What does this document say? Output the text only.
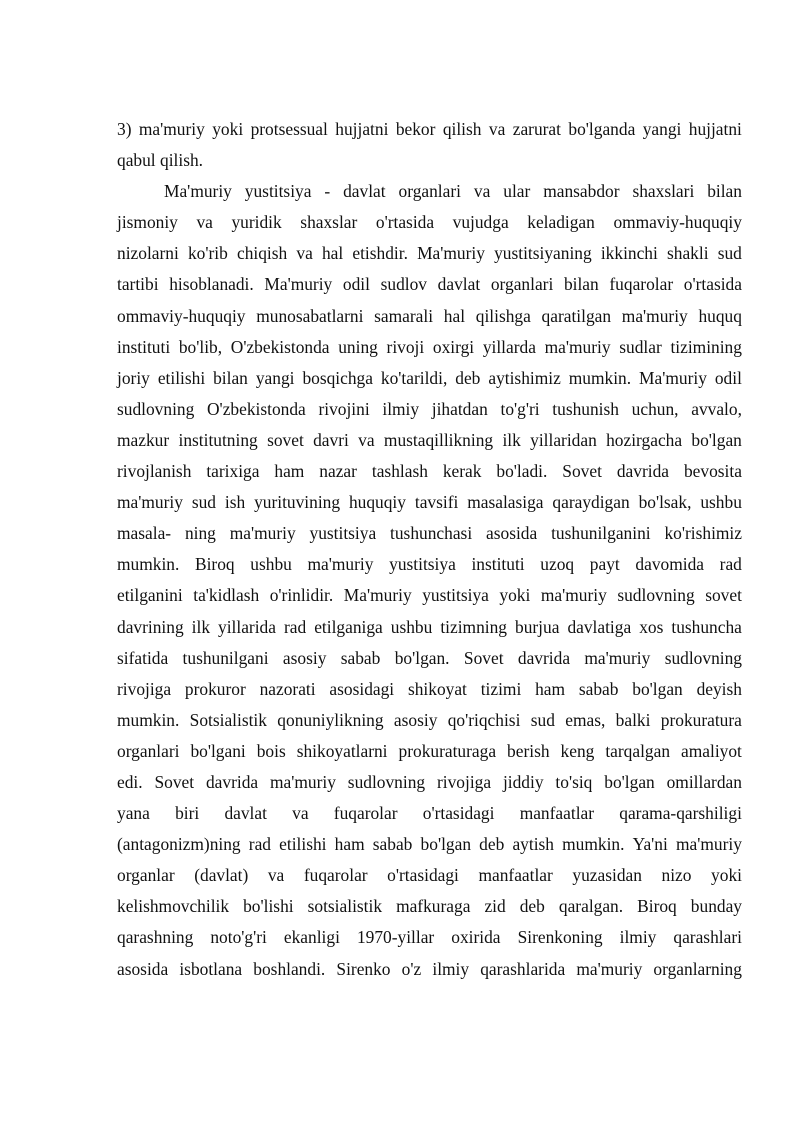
3) ma'muriy yoki protsessual hujjatni bekor qilish va zarurat bo'lganda yangi hujjatni
qabul qilish.
Ma'muriy yustitsiya - davlat organlari va ular mansabdor shaxslari bilan
jismoniy va yuridik shaxslar o'rtasida vujudga keladigan ommaviy-huquqiy
nizolarni ko'rib chiqish va hal etishdir. Ma'muriy yustitsiyaning ikkinchi shakli sud
tartibi hisoblanadi. Ma'muriy odil sudlov davlat organlari bilan fuqarolar o'rtasida
ommaviy-huquqiy munosabatlarni samarali hal qilishga qaratilgan ma'muriy huquq
instituti bo'lib, O'zbekistonda uning rivoji oxirgi yillarda ma'muriy sudlar tizimining
joriy etilishi bilan yangi bosqichga ko'tarildi, deb aytishimiz mumkin. Ma'muriy odil
sudlovning O'zbekistonda rivojini ilmiy jihatdan to'g'ri tushunish uchun, avvalo,
mazkur institutning sovet davri va mustaqillikning ilk yillaridan hozirgacha bo'lgan
rivojlanish tarixiga ham nazar tashlash kerak bo'ladi. Sovet davrida bevosita
ma'muriy sud ish yurituvining huquqiy tavsifi masalasiga qaraydigan bo'lsak, ushbu
masala- ning ma'muriy yustitsiya tushunchasi asosida tushunilganini ko'rishimiz
mumkin. Biroq ushbu ma'muriy yustitsiya instituti uzoq payt davomida rad
etilganini ta'kidlash o'rinlidir. Ma'muriy yustitsiya yoki ma'muriy sudlovning sovet
davrining ilk yillarida rad etilganiga ushbu tizimning burjua davlatiga xos tushuncha
sifatida tushunilgani asosiy sabab bo'lgan. Sovet davrida ma'muriy sudlovning
rivojiga prokuror nazorati asosidagi shikoyat tizimi ham sabab bo'lgan deyish
mumkin. Sotsialistik qonuniylikning asosiy qo'riqchisi sud emas, balki prokuratura
organlari bo'lgani bois shikoyatlarni prokuraturaga berish keng tarqalgan amaliyot
edi. Sovet davrida ma'muriy sudlovning rivojiga jiddiy to'siq bo'lgan omillardan
yana biri davlat va fuqarolar o'rtasidagi manfaatlar qarama-qarshiligi
(antagonizm)ning rad etilishi ham sabab bo'lgan deb aytish mumkin. Ya'ni ma'muriy
organlar (davlat) va fuqarolar o'rtasidagi manfaatlar yuzasidan nizo yoki
kelishmovchilik bo'lishi sotsialistik mafkuraga zid deb qaralgan. Biroq bunday
qarashning noto'g'ri ekanligi 1970-yillar oxirida Sirenkoning ilmiy qarashlari
asosida isbotlana boshlandi. Sirenko o'z ilmiy qarashlarida ma'muriy organlarning
